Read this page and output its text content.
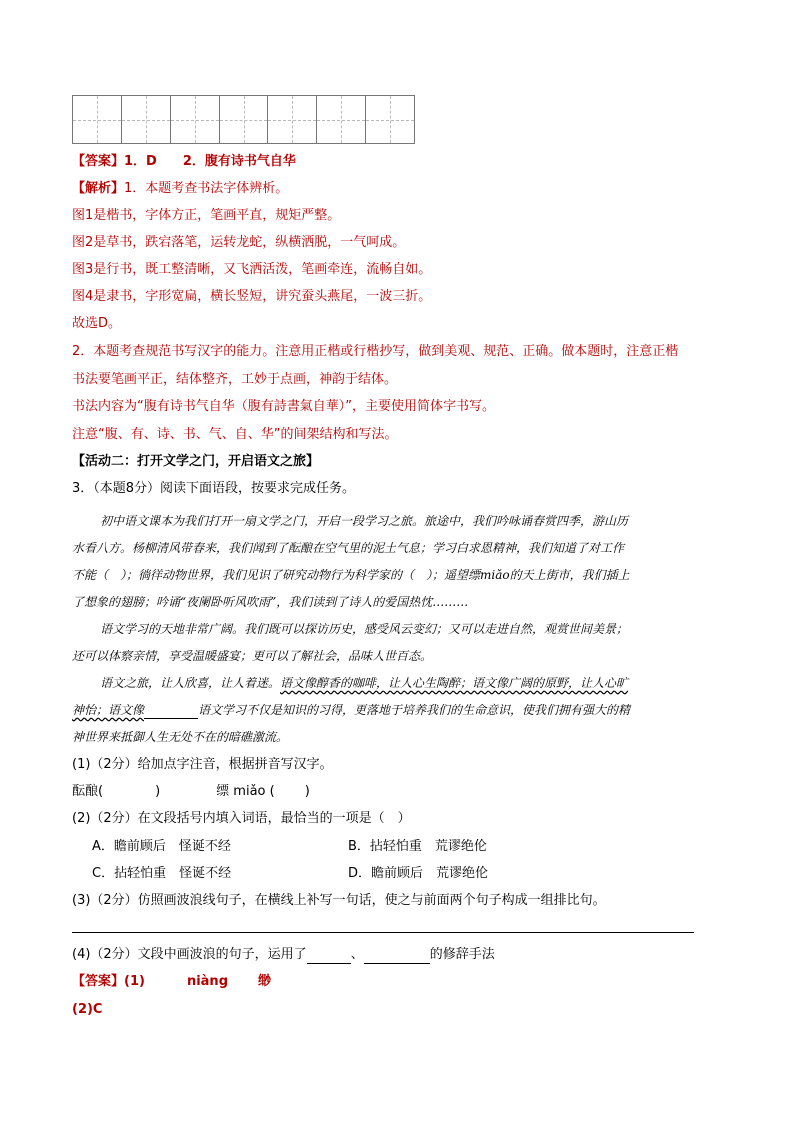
【答案】1．D 2．腹有诗书气自华
【解析】1．本题考查书法字体辨析。
图1是楷书，字体方正，笔画平直，规矩严整。
图2是草书，跌宕落笔，运转龙蛇，纵横洒脱，一气呵成。
图3是行书，既工整清晰，又飞洒活泼，笔画牵连，流畅自如。
图4是隶书，字形宽扁，横长竖短，讲究蚕头燕尾，一波三折。
故选D。
2．本题考查规范书写汉字的能力。注意用正楷或行楷抄写，做到美观、规范、正确。做本题时，注意正楷
书法要笔画平正，结体整齐，工妙于点画，神韵于结体。
书法内容为“腹有诗书气自华（腹有詩書氣自華）”，主要使用简体字书写。
注意“腹、有、诗、书、气、自、华”的间架结构和写法。
【活动二：打开文学之门，开启语文之旅】
3．（本题8分）阅读下面语段，按要求完成任务。
初中语文课本为我们打开一扇文学之门，开启一段学习之旅。旅途中，我们吟咏诵春赏四季，游山历
水看八方。杨柳清风带春来，我们闻到了酝酿在空气里的泥土气息；学习白求恩精神，我们知道了对工作
不能（　）；徜徉动物世界，我们见识了研究动物行为科学家的（　）；遥望缥miǎo的天上街市，我们插上
了想象的翅膀；吟诵“夜阑卧听风吹雨”，我们读到了诗人的爱国热忱………
语文学习的天地非常广阔。我们既可以探访历史，感受风云变幻；又可以走进自然，观赏世间美景；
还可以体察亲情，享受温暖盛宴；更可以了解社会，品味人世百态。
语文之旅，让人欣喜，让人着迷。语文像醇香的咖啡，让人心生陶醉；语文像广阔的原野，让人心旷
神怡；语文像	语文学习不仅是知识的习得，更落地于培养我们的生命意识，使我们拥有强大的精
神世界来抵御人生无处不在的暗礁激流。
(1)（2分）给加点字注音，根据拼音写汉字。
酝酿(	)	缥 miǎo ( )
(2)（2分）在文段括号内填入词语，最恰当的一项是（　）
A．瞻前顾后　怪诞不经	B．拈轻怕重　荒谬绝伦
C．拈轻怕重　怪诞不经	D．瞻前顾后　荒谬绝伦
(3)（2分）仿照画波浪线句子，在横线上补写一句话，使之与前面两个句子构成一组排比句。
(4)（2分）文段中画波浪的句子，运用了	、	的修辞手法
【答案】(1)	niàng 缈
(2)C
